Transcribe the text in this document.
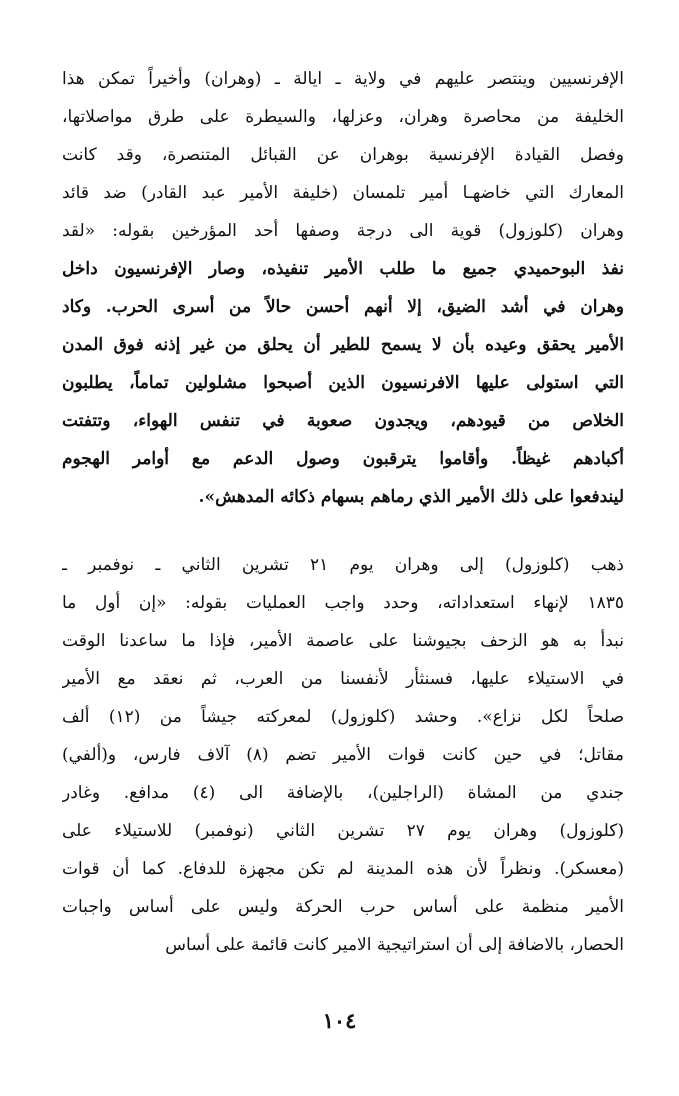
الإفرنسيين وينتصر عليهم في ولاية ـ ايالة ـ (وهران) وأخيراً تمكن هذا
الخليفة من محاصرة وهران، وعزلها، والسيطرة على طرق مواصلاتها،
وفصل القيادة الإفرنسية بوهران عن القبائل المتنصرة، وقد كانت
المعارك التي خاضهـا أمير تلمسان (خليفة الأمير عبد القادر) ضد قائد
وهران (كلوزول) قوية الى درجة وصفها أحد المؤرخين بقوله: «لقد
نفذ البوحميدي جميع ما طلب الأمير تنفيذه، وصار الإفرنسيون داخل
وهران في أشد الضيق، إلا أنهم أحسن حالاً من أسرى الحرب. وكاد
الأمير يحقق وعيده بأن لا يسمح للطير أن يحلق من غير إذنه فوق المدن
التي استولى عليها الافرنسيون الذين أصبحوا مشلولين تماماً، يطلبون
الخلاص من قيودهم، ويجدون صعوبة في تنفس الهواء، وتتفتت
أكبادهم غيظاً. وأقاموا يترقبون وصول الدعم مع أوامر الهجوم
ليندفعوا على ذلك الأمير الذي رماهم بسهام ذكائه المدهش».
ذهب (كلوزول) إلى وهران يوم ٢١ تشرين الثاني ـ نوفمبر ـ
١٨٣٥ لإنهاء استعداداته، وحدد واجب العمليات بقوله: «إن أول ما
نبدأ به هو الزحف بجيوشنا على عاصمة الأمير، فإذا ما ساعدنا الوقت
في الاستيلاء عليها، فسنثأر لأنفسنا من العرب، ثم نعقد مع الأمير
صلحاً لكل نزاع». وحشد (كلوزول) لمعركته جيشاً من (١٢) ألف
مقاتل؛ في حين كانت قوات الأمير تضم (٨) آلاف فارس، و(ألفي)
جندي من المشاة (الراجلين)، بالإضافة الى (٤) مدافع. وغادر
(كلوزول) وهران يوم ٢٧ تشرين الثاني (نوفمبر) للاستيلاء على
(معسكر). ونظراً لأن هذه المدينة لم تكن مجهزة للدفاع. كما أن قوات
الأمير منظمة على أساس حرب الحركة وليس على أساس واجبات
الحصار، بالاضافة إلى أن استراتيجية الامير كانت قائمة على أساس
١٠٤
